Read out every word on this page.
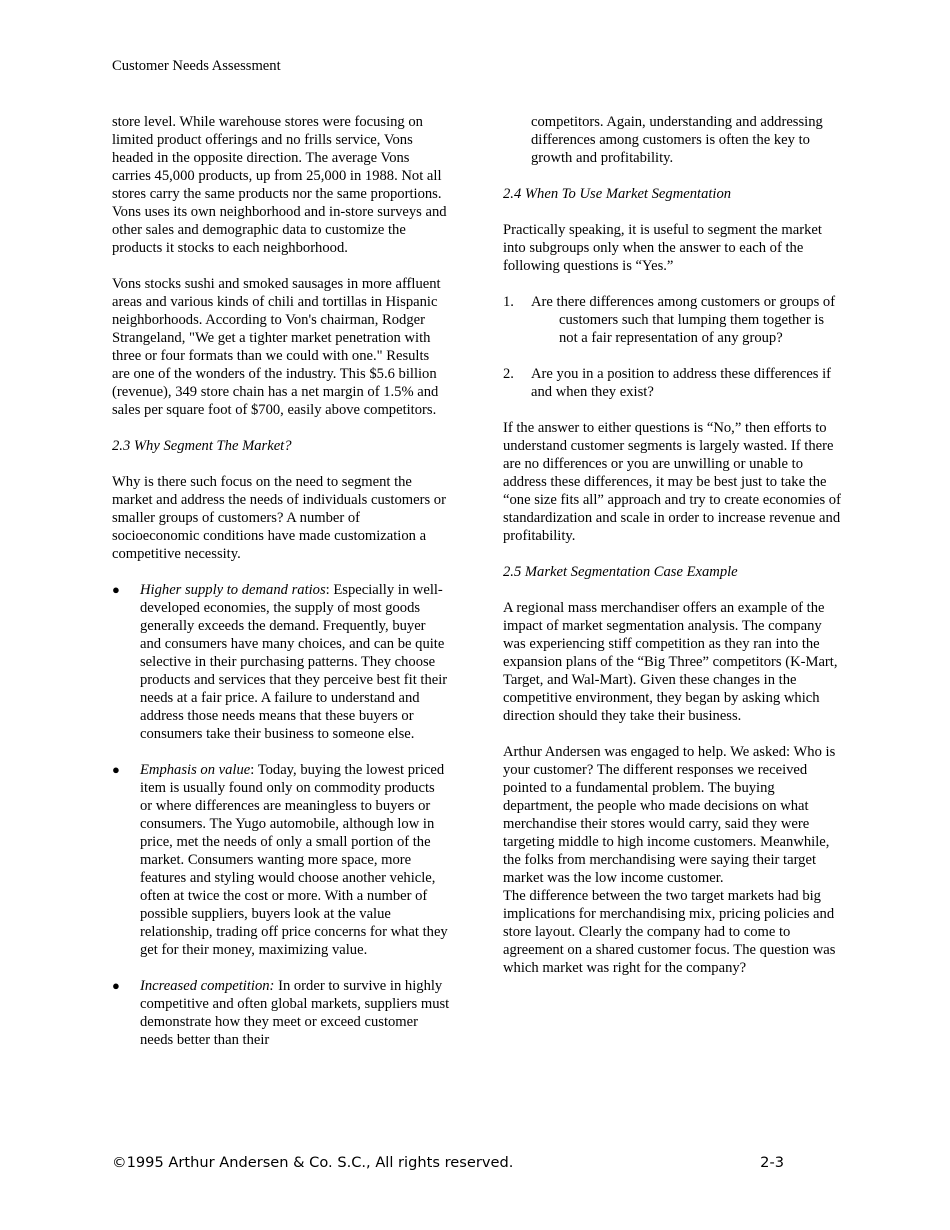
Customer Needs Assessment

store level. While warehouse stores were focusing on limited product offerings and no frills service, Vons headed in the opposite direction. The average Vons carries 45,000 products, up from 25,000 in 1988. Not all stores carry the same products nor the same proportions. Vons uses its own neighborhood and in-store surveys and other sales and demographic data to customize the products it stocks to each neighborhood.

Vons stocks sushi and smoked sausages in more affluent areas and various kinds of chili and tortillas in Hispanic neighborhoods. According to Von's chairman, Rodger Strangeland, "We get a tighter market penetration with three or four formats than we could with one." Results are one of the wonders of the industry. This $5.6 billion (revenue), 349 store chain has a net margin of 1.5% and sales per square foot of $700, easily above competitors.

2.3 Why Segment The Market?

Why is there such focus on the need to segment the market and address the needs of individuals customers or smaller groups of customers? A number of socioeconomic conditions have made customization a competitive necessity.

● Higher supply to demand ratios: Especially in well-developed economies, the supply of most goods generally exceeds the demand. Frequently, buyer and consumers have many choices, and can be quite selective in their purchasing patterns. They choose products and services that they perceive best fit their needs at a fair price. A failure to understand and address those needs means that these buyers or consumers take their business to someone else.
● Emphasis on value: Today, buying the lowest priced item is usually found only on commodity products or where differences are meaningless to buyers or consumers. The Yugo automobile, although low in price, met the needs of only a small portion of the market. Consumers wanting more space, more features and styling would choose another vehicle, often at twice the cost or more. With a number of possible suppliers, buyers look at the value relationship, trading off price concerns for what they get for their money, maximizing value.
● Increased competition: In order to survive in highly competitive and often global markets, suppliers must demonstrate how they meet or exceed customer needs better than their
competitors. Again, understanding and addressing differences among customers is often the key to growth and profitability.
2.4 When To Use Market Segmentation

Practically speaking, it is useful to segment the market into subgroups only when the answer to each of the following questions is “Yes.”

1. Are there differences among customers or groups of customers such that lumping them together is not a fair representation of any group?
2. Are you in a position to address these differences if and when they exist?

If the answer to either questions is “No,” then efforts to understand customer segments is largely wasted. If there are no differences or you are unwilling or unable to address these differences, it may be best just to take the “one size fits all” approach and try to create economies of standardization and scale in order to increase revenue and profitability.

2.5 Market Segmentation Case Example

A regional mass merchandiser offers an example of the impact of market segmentation analysis. The company was experiencing stiff competition as they ran into the expansion plans of the “Big Three” competitors (K-Mart, Target, and Wal-Mart). Given these changes in the competitive environment, they began by asking which direction should they take their business.

Arthur Andersen was engaged to help. We asked: Who is your customer? The different responses we received pointed to a fundamental problem. The buying department, the people who made decisions on what merchandise their stores would carry, said they were targeting middle to high income customers. Meanwhile, the folks from merchandising were saying their target market was the low income customer.

The difference between the two target markets had big implications for merchandising mix, pricing policies and store layout. Clearly the company had to come to agreement on a shared customer focus. The question was which market was right for the company?

©1995 Arthur Andersen & Co. S.C., All rights reserved.	2-3
